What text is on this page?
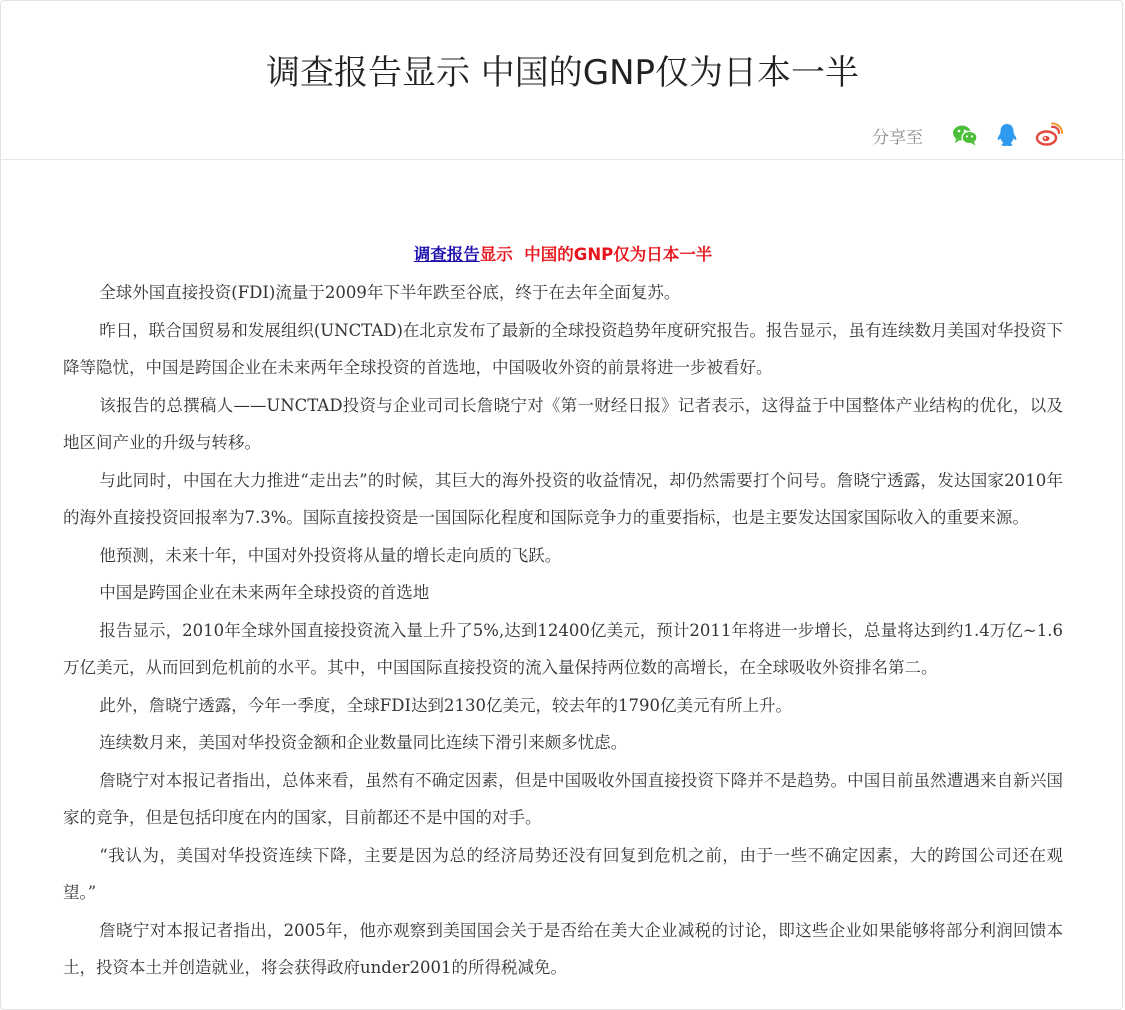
调查报告显示 中国的GNP仅为日本一半
分享至

调查报告显示  中国的GNP仅为日本一半

全球外国直接投资(FDI)流量于2009年下半年跌至谷底，终于在去年全面复苏。

昨日，联合国贸易和发展组织(UNCTAD)在北京发布了最新的全球投资趋势年度研究报告。报告显示，虽有连续数月美国对华投资下降等隐忧，中国是跨国企业在未来两年全球投资的首选地，中国吸收外资的前景将进一步被看好。

该报告的总撰稿人——UNCTAD投资与企业司司长詹晓宁对《第一财经日报》记者表示，这得益于中国整体产业结构的优化，以及地区间产业的升级与转移。

与此同时，中国在大力推进“走出去”的时候，其巨大的海外投资的收益情况，却仍然需要打个问号。詹晓宁透露，发达国家2010年的海外直接投资回报率为7.3%。国际直接投资是一国国际化程度和国际竞争力的重要指标，也是主要发达国家国际收入的重要来源。

他预测，未来十年，中国对外投资将从量的增长走向质的飞跃。

中国是跨国企业在未来两年全球投资的首选地

报告显示，2010年全球外国直接投资流入量上升了5%,达到12400亿美元，预计2011年将进一步增长，总量将达到约1.4万亿~1.6万亿美元，从而回到危机前的水平。其中，中国国际直接投资的流入量保持两位数的高增长，在全球吸收外资排名第二。

此外，詹晓宁透露，今年一季度，全球FDI达到2130亿美元，较去年的1790亿美元有所上升。

连续数月来，美国对华投资金额和企业数量同比连续下滑引来颇多忧虑。

詹晓宁对本报记者指出，总体来看，虽然有不确定因素，但是中国吸收外国直接投资下降并不是趋势。中国目前虽然遭遇来自新兴国家的竞争，但是包括印度在内的国家，目前都还不是中国的对手。

“我认为，美国对华投资连续下降，主要是因为总的经济局势还没有回复到危机之前，由于一些不确定因素，大的跨国公司还在观望。”

詹晓宁对本报记者指出，2005年，他亦观察到美国国会关于是否给在美大企业减税的讨论，即这些企业如果能够将部分利润回馈本土，投资本土并创造就业，将会获得政府under2001的所得税减免。
